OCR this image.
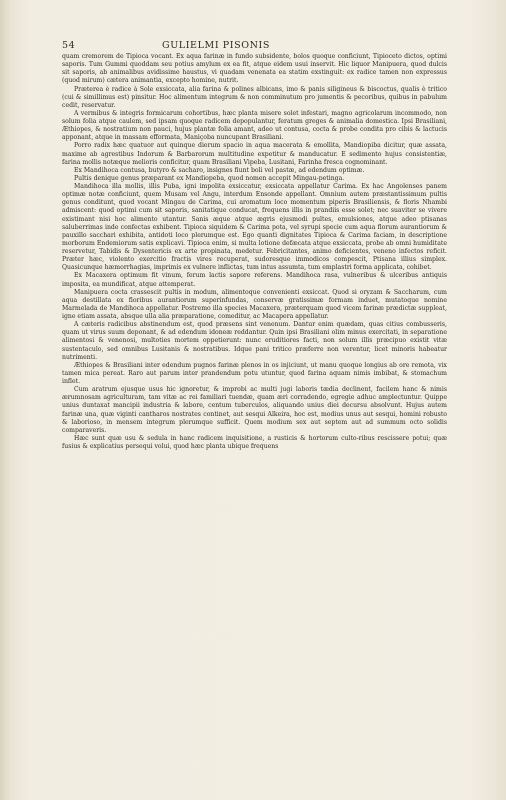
54	GULIELMI PISONIS

quam cremorem de Tipioca vocant. Ex aqua farinæ in fundo subsidente, bolos quoque conficiunt, Tipioceto dictos, optimi saporis. Tum Gummi quoddam seu potius amylum ex ea fit, atque eidem usui inservit. Hic liquor Manipuera, quod dulcis sit saporis, ab animalibus avidissime haustus, vi quadam venenata ea statim exstinguit: ex radice tamen non expressus (quod mirum) cætera animantia, excepto homine, nutrit.

Præterea è radice à Sole exsiccata, alia farina & polines albicans, imo & panis siligineus & biscoctus, qualis è tritico (cui & simillimus est) pinsitur. Hoc alimentum integrum & non comminutum pro jumentis & pecoribus, quibus in pabulum cedit, reservatur.

A vermibus & integris formicarum cohortibus, hæc planta misere solet infestari, magno agricolarum incommodo, non solum folia atque caulem, sed ipsam quoque radicem depopulantur, feratum greges & animalia domestica. Ipsi Brasiliani, Æthiopes, & nostratium non pauci, hujus plantæ folia amant, adeo ut contusa, cocta & probe condita pro cibis & lactucis apponant, atque in massam efformata, Maniçoba nuncupant Brasiliani.

Porro radix hæc quatuor aut quinque dierum spacio in aqua macerata & emollita, Mandiopiba dicitur, quæ assata, maxime ab agrestibus Indorum & Barbarorum multitudine expetitur & manducatur. E sedimento hujus consistentiæ, farina mollis notæque melioris conficitur, quam Brasiliani Vipeba, Lusitani, Farinha fresca cognominant.

Ex Mandihoca contusa, butyro & sacharo, insignes fiunt boli vel pastæ, ad edendum optimæ.

Pultis denique genus præparant ex Mandiopeba, quod nomen accepit Mingau-petinga.

Mandihoca illa mollis, illis Puba, igni impolita exsiccatur, exsiccata appellatur Carima. Ex hac Angolenses panem optimæ notæ conficiunt, quem Musam vel Angu, interdum Ensonde appellant. Omnium autem præstantissimum pultis genus conditunt, quod vocant Mingau de Carima, cui aromatum loco momentum piperis Brasiliensis, & floris Nhambi admiscent: quod optimi cum sit saporis, sanitatique conducat, frequens illis in prandiis esse solet; nec suaviter se vivere existimant nisi hoc alimento utantur. Sanis æque atque ægris ejusmodi pultes, emulsiones, atque adeo ptisanas saluberrimas inde confectas exhibent. Tipioca siquidem & Carima pota, vel syrupi specie cum aqua florum aurantiorum & pauxillo sacchari exhibita, antidoti loco plerumque est. Ego quanti dignitates Tipioca & Carima faciam, in descriptione morborum Endemiorum satis explicavi. Tipioca enim, si multa lotione defæcata atque exsiccata, probe ab omni humiditate reservetur, Tabidis & Dysentericis ex arte propinata, medetur. Febricitantes, animo deficientes, veneno infectos reficit. Præter hæc, violento exercitio fractis vires recuperat, sudoresque immodicos compescit, Ptisana illius simplex. Quasicunque hæmorrhagias, imprimis ex vulnere inflictas, tum intus assumta, tum emplastri forma applicata, cohibet.

Ex Macaxera optimum fit vinum, ferum lactis sapore referens. Mandihoca rasa, vulneribus & ulceribus antiquis imposita, ea mundificat, atque attemperat.

Manipuera cocta crassescit pultis in modum, alimentoque convenienti exsiccat. Quod si oryzam & Saccharum, cum aqua destillata ex floribus aurantiorum superinfundas, conservæ gratissimæ formam induet, mutatoque nomine Marmelada de Mandihoca appellatur. Postremo illa species Macaxera, præterquam quod vicem farinæ prædictæ suppleat, igne etiam assata, absque ulla alia præparatione, comeditur, ac Macapera appellatur.

A cæteris radicibus abstinendum est, quod præsens sint venenum. Dantur enim quædam, quas citius combusseris, quam ut virus suum deponant, & ad edendum idoneæ reddantur. Quin ipsi Brasiliani olim minus exercitati, in separatione alimentosi & venenosi, multoties mortem oppetierunt: nunc eruditiores facti, non solum illis præcipuo existit vitæ sustentaculo, sed omnibus Lusitanis & nostratibus. Idque pani tritico præferre non verentur, licet minoris habeatur nutrimenti.

Æthiopes & Brasiliani inter edendum pugnos farinæ plenos in os injiciunt, ut manu quoque longius ab ore remota, vix tamen mica pereat. Raro aut parum inter prandendum potu utuntur, quod farina aquam nimis imbibat, & stomachum inflet.

Cum aratrum ejusque usus hic ignoretur, & improbi ac multi jugi laboris tædia declinent, facilem hanc & nimis ærumnosam agriculturam, tam vitæ ac rei familiari tuendæ, quam æri corradendo, egregie adhuc amplectuntur. Quippe unius duntaxat mancipii industria & labore, centum tuberculos, aliquando unius diei decursu absolvunt. Hujus autem farinæ una, quæ viginti cantharos nostrates continet, aut sesqui Alkeira, hoc est, modius unus aut sesqui, homini robusto & laborioso, in mensem integrum plerumque sufficit. Quem modium sex aut septem aut ad summum octo solidis comparaveris.

Hæc sunt quæ usu & sedula in hanc radicem inquisitione, a rusticis & hortorum culto-ribus rescissere potui; quæ fusius & explicatius persequi volui, quod hæc planta ubique frequens
